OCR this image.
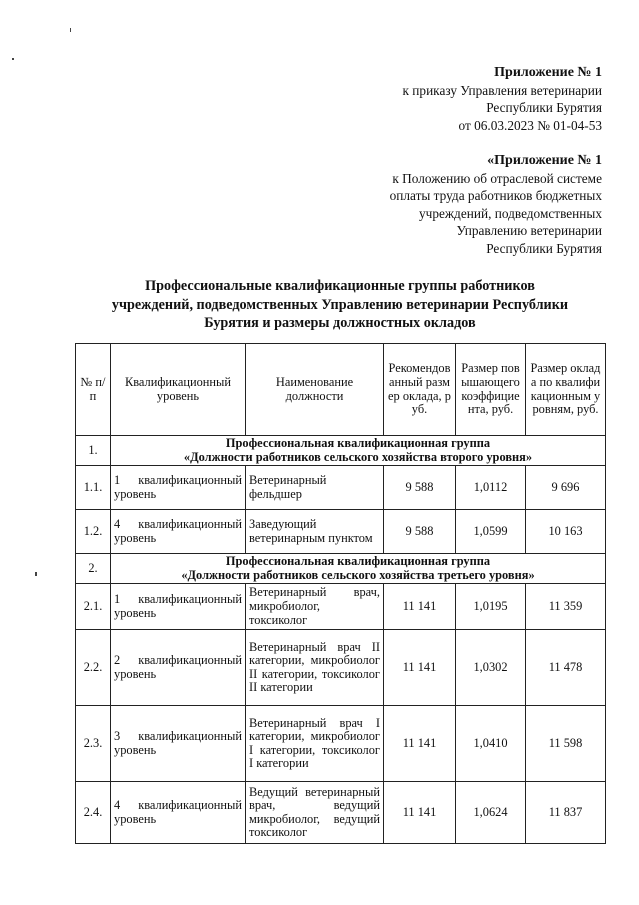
Приложение № 1
к приказу Управления ветеринарии
Республики Бурятия
от 06.03.2023 № 01-04-53
«Приложение № 1
к Положению об отраслевой системе
оплаты труда работников бюджетных
учреждений, подведомственных
Управлению ветеринарии
Республики Бурятия
Профессиональные квалификационные группы работников
учреждений, подведомственных Управлению ветеринарии Республики
Бурятия и размеры должностных окладов
№ п/п	Квалификационный уровень	Наименование должности	Рекомендованный размер оклада, руб.	Размер повышающего коэффициента, руб.	Размер оклада по квалификационным уровням, руб.
1.	Профессиональная квалификационная группа
«Должности работников сельского хозяйства второго уровня»				

1.1.	1 квалификационный уровень	Ветеринарный фельдшер	9 588	1,0112	9 696
1.2.	4 квалификационный уровень	Заведующий ветеринарным пунктом	9 588	1,0599	10 163
2.	Профессиональная квалификационная группа
«Должности работников сельского хозяйства третьего уровня»				

2.1.	1 квалификационный уровень	Ветеринарный врач, микробиолог, токсиколог	11 141	1,0195	11 359
2.2.	2 квалификационный уровень	Ветеринарный врач II категории, микробиолог II категории, токсиколог II категории	11 141	1,0302	11 478
2.3.	3 квалификационный уровень	Ветеринарный врач I категории, микробиолог I категории, токсиколог I категории	11 141	1,0410	11 598
2.4.	4 квалификационный уровень	Ведущий ветеринарный врач, ведущий микробиолог, ведущий токсиколог	11 141	1,0624	11 837
